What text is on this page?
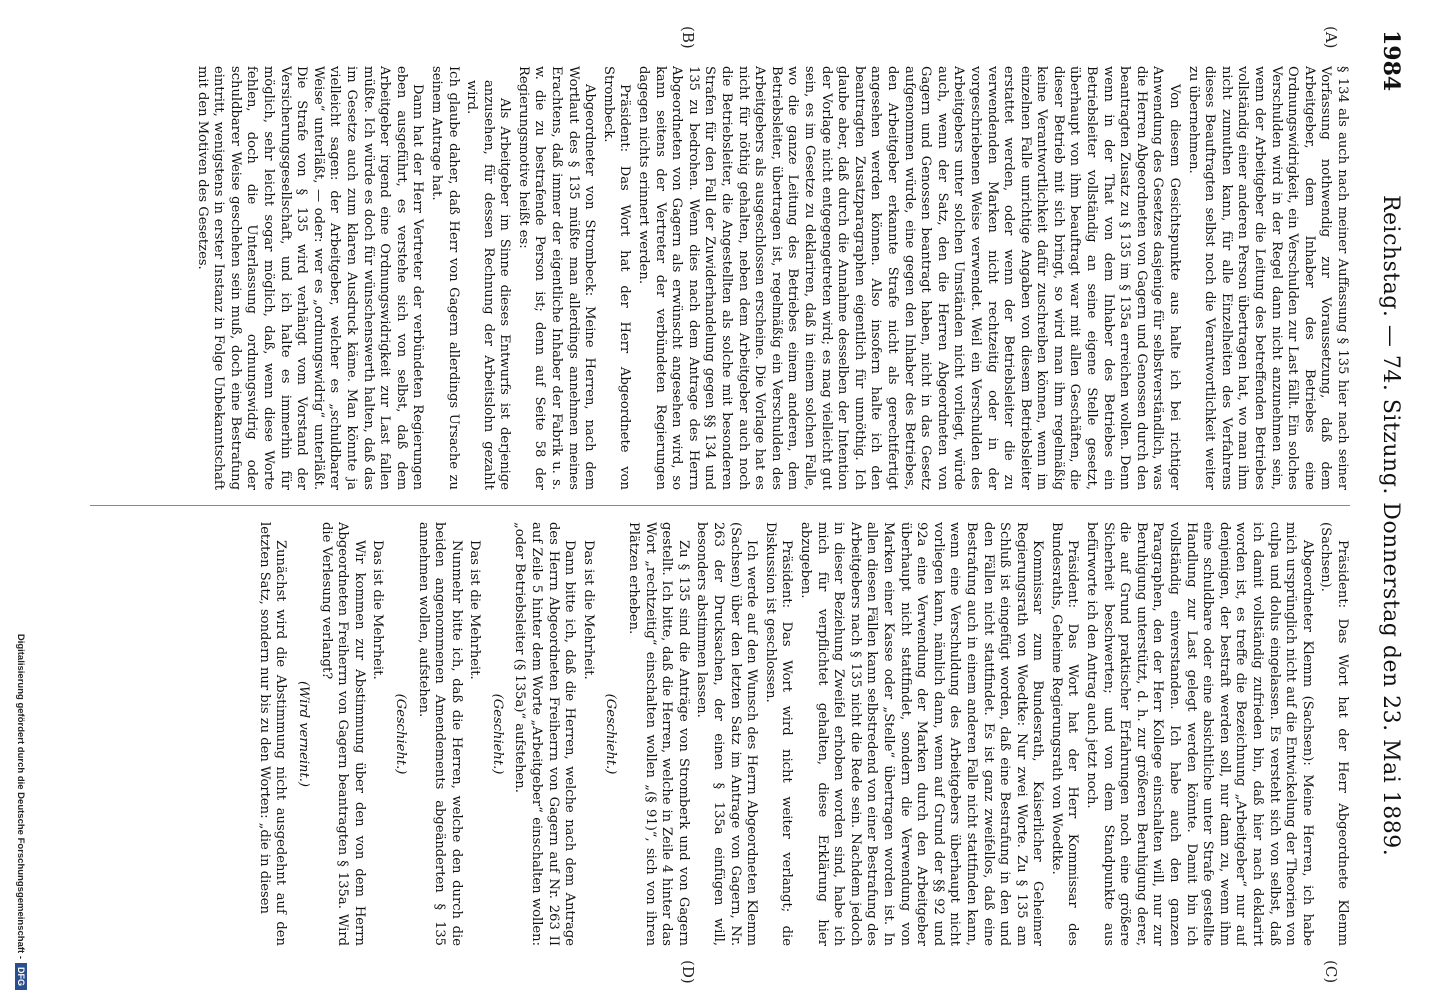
1984
Reichstag. — 74. Sitzung. Donnerstag den 23. Mai 1889.
(A)
(B)
(C)
(D)

§ 134 als auch nach meiner Auffassung § 135 hier nach seiner Vorfassung nothwendig zur Voraussetzung, daß dem Arbeitgeber, dem Inhaber des Betriebes eine Ordnungswidrigkeit, ein Verschulden zur Last fällt. Ein solches Verschulden wird in der Regel dann nicht anzunehmen sein, wenn der Arbeitgeber die Leitung des betreffenden Betriebes vollständig einer anderen Person übertragen hat, wo man ihm nicht zumuthen kann, für alle Einzelheiten des Verfahrens dieses Beauftragten selbst noch die Verantwortlichkeit weiter zu übernehmen.

Von diesem Gesichtspunkte aus halte ich bei richtiger Anwendung des Gesetzes dasjenige für selbstverständlich, was die Herren Abgeordneten von Gagern und Genossen durch den beantragten Zusatz zu § 135 im § 135a erreichen wollen. Denn wenn in der That von dem Inhaber des Betriebes ein Betriebsleiter vollständig an seine eigene Stelle gesetzt, überhaupt von ihm beauftragt war mit allen Geschäften, die dieser Betrieb mit sich bringt, so wird man ihm regelmäßig keine Verantwortlichkeit dafür zuschreiben können, wenn im einzelnen Falle unrichtige Angaben von diesem Betriebsleiter erstattet werden, oder wenn der Betriebsleiter die zu verwendenden Marken nicht rechtzeitig oder in der vorgeschriebenen Weise verwendet. Weil ein Verschulden des Arbeitgebers unter solchen Umständen nicht vorliegt, würde auch, wenn der Satz, den die Herren Abgeordneten von Gagern und Genossen beantragt haben, nicht in das Gesetz aufgenommen würde, eine gegen den Inhaber des Betriebes, den Arbeitgeber erkannte Strafe nicht als gerechtfertigt angesehen werden können. Also insofern halte ich den beantragten Zusatzparagraphen eigentlich für unnöthig. Ich glaube aber, daß durch die Annahme desselben der Intention der Vorlage nicht entgegengetreten wird; es mag vielleicht gut sein, es im Gesetze zu deklariren, daß in einem solchen Falle, wo die ganze Leitung des Betriebes einem anderen, dem Betriebsleiter, übertragen ist, regelmäßig ein Verschulden des Arbeitgebers als ausgeschlossen erscheine. Die Vorlage hat es nicht für nöthig gehalten, neben dem Arbeitgeber auch noch die Betriebsleiter, die Angestellten als solche mit besonderen Strafen für den Fall der Zuwiderhandelung gegen §§ 134 und 135 zu bedrohen. Wenn dies nach dem Antrage des Herrn Abgeordneten von Gagern als erwünscht angesehen wird, so kann seitens der Vertreter der verbündeten Regierungen dagegen nichts erinnert werden.

Präsident: Das Wort hat der Herr Abgeordnete von Strombeck.

Abgeordneter von Strombeck: Meine Herren, nach dem Wortlaut des § 135 müßte man allerdings annehmen meines Erachtens, daß immer der eigentliche Inhaber der Fabrik u. s. w. die zu bestrafende Person ist; denn auf Seite 58 der Regierungsmotive heißt es:

Als Arbeitgeber im Sinne dieses Entwurfs ist derjenige anzusehen, für dessen Rechnung der Arbeitslohn gezahlt wird.

Ich glaube daher, daß Herr von Gagern allerdings Ursache zu seinem Antrage hat.

Dann hat der Herr Vertreter der verbündeten Regierungen eben ausgeführt, es verstehe sich von selbst, daß dem Arbeitgeber irgend eine Ordnungswidrigkeit zur Last fallen müßte. Ich würde es doch für wünschenswerth halten, daß das im Gesetze auch zum klaren Ausdruck käme. Man könnte ja vielleicht sagen: der Arbeitgeber, welcher es „schuldbarer Weise“ unterläßt, — oder: wer es „ordnungswidrig“ unterläßt. Die Strafe von § 135 wird verhängt vom Vorstand der Versicherungsgesellschaft, und ich halte es immerhin für möglich, sehr leicht sogar möglich, daß, wenn diese Worte fehlen, doch die Unterlassung ordnungswidrig oder schuldbarer Weise geschehen sein muß, doch eine Bestrafung eintritt, wenigstens in erster Instanz in Folge Unbekanntschaft mit den Motiven des Gesetzes.

Präsident: Das Wort hat der Herr Abgeordnete Klemm (Sachsen).

Abgeordneter Klemm (Sachsen): Meine Herren, ich habe mich ursprünglich nicht auf die Entwickelung der Theorien von culpa und dolus eingelassen. Es versteht sich von selbst, daß ich damit vollständig zufrieden bin, daß hier nach deklarirt worden ist, es treffe die Bezeichnung „Arbeitgeber“ nur auf denjenigen, der bestraft werden soll, nur dann zu, wenn ihm eine schuldbare oder eine absichtliche unter Strafe gestellte Handlung zur Last gelegt werden könnte. Damit bin ich vollständig einverstanden. Ich habe auch den ganzen Paragraphen, den der Herr Kollege einschalten will, nur zur Beruhigung unterstützt, d. h. zur größeren Beruhigung derer, die auf Grund praktischer Erfahrungen noch eine größere Sicherheit beschwerten; und von dem Standpunkte aus befürworte ich den Antrag auch jetzt noch.

Präsident: Das Wort hat der Herr Kommissar des Bundesraths, Geheime Regierungsrath von Woedtke.

Kommissar zum Bundesrath, Kaiserlicher Geheimer Regierungsrath von Woedtke: Nur zwei Worte. Zu § 135 am Schluß ist eingefügt worden, daß eine Bestrafung in den und den Fällen nicht stattfindet. Es ist ganz zweifellos, daß eine Bestrafung auch in einem anderen Falle nicht stattfinden kann, wenn eine Verschuldung des Arbeitgebers überhaupt nicht vorliegen kann, nämlich dann, wenn auf Grund der §§ 92 und 92a eine Verwendung der Marken durch den Arbeitgeber überhaupt nicht stattfindet, sondern die Verwendung von Marken einer Kasse oder „Stelle“ übertragen worden ist. In allen diesen Fällen kann selbstredend von einer Bestrafung des Arbeitgebers nach § 135 nicht die Rede sein. Nachdem jedoch in dieser Beziehung Zweifel erhoben worden sind, habe ich mich für verpflichtet gehalten, diese Erklärung hier abzugeben.

Präsident: Das Wort wird nicht weiter verlangt; die Diskussion ist geschlossen.

Ich werde auf den Wunsch des Herrn Abgeordneten Klemm (Sachsen) über den letzten Satz im Antrage von Gagern, Nr. 263 der Drucksachen, der einen § 135a einfügen will, besonders abstimmen lassen.

Zu § 135 sind die Anträge von Stromberk und von Gagern gestellt. Ich bitte, daß die Herren, welche in Zeile 4 hinter das Wort „rechtzeitig“ einschalten wollen „(§ 91)“, sich von ihren Plätzen erheben.

(Geschieht.)

Das ist die Mehrheit.

Dann bitte ich, daß die Herren, welche nach dem Antrage des Herrn Abgeordneten Freiherrn von Gagern auf Nr. 263 II auf Zeile 5 hinter dem Worte „Arbeitgeber“ einschalten wollen: „oder Betriebsleiter (§ 135a)“ aufstehen.

(Geschieht.)

Das ist die Mehrheit.

Nunmehr bitte ich, daß die Herren, welche den durch die beiden angenommenen Amendements abgeänderten § 135 annehmen wollen, aufstehen.

(Geschieht.)

Das ist die Mehrheit.

Wir kommen zur Abstimmung über den von dem Herrn Abgeordneten Freiherrn von Gagern beantragten § 135a. Wird die Verlesung verlangt?

(Wird verneint.)

Zunächst wird die Abstimmung nicht ausgedehnt auf den letzten Satz, sondern nur bis zu den Worten: „die in diesen

Digitalisierung gefördert durch die Deutsche Forschungsgemeinschaft -DFG
